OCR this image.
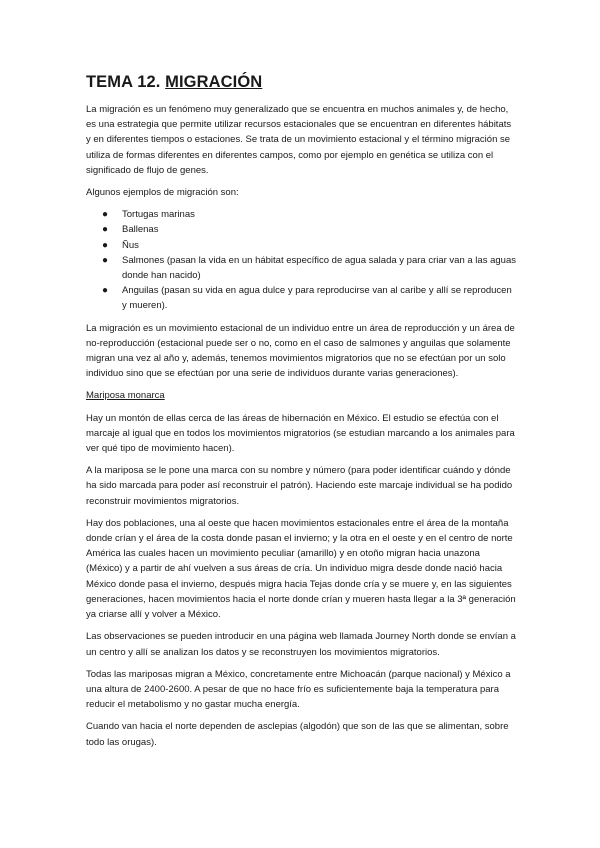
TEMA 12. MIGRACIÓN

La migración es un fenómeno muy generalizado que se encuentra en muchos animales y, de hecho, es una estrategia que permite utilizar recursos estacionales que se encuentran en diferentes hábitats y en diferentes tiempos o estaciones. Se trata de un movimiento estacional y el término migración se utiliza de formas diferentes en diferentes campos, como por ejemplo en genética se utiliza con el significado de flujo de genes.

Algunos ejemplos de migración son:

● Tortugas marinas
● Ballenas
● Ñus
● Salmones (pasan la vida en un hábitat específico de agua salada y para criar van a las aguas donde han nacido)
● Anguilas (pasan su vida en agua dulce y para reproducirse van al caribe y allí se reproducen y mueren).

La migración es un movimiento estacional de un individuo entre un área de reproducción y un área de no-reproducción (estacional puede ser o no, como en el caso de salmones y anguilas que solamente migran una vez al año y, además, tenemos movimientos migratorios que no se efectúan por un solo individuo sino que se efectúan por una serie de individuos durante varias generaciones).

Mariposa monarca

Hay un montón de ellas cerca de las áreas de hibernación en México. El estudio se efectúa con el marcaje al igual que en todos los movimientos migratorios (se estudian marcando a los animales para ver qué tipo de movimiento hacen).

A la mariposa se le pone una marca con su nombre y número (para poder identificar cuándo y dónde ha sido marcada para poder así reconstruir el patrón). Haciendo este marcaje individual se ha podido reconstruir movimientos migratorios.

Hay dos poblaciones, una al oeste que hacen movimientos estacionales entre el área de la montaña donde crían y el área de la costa donde pasan el invierno; y la otra en el oeste y en el centro de norte América las cuales hacen un movimiento peculiar (amarillo) y en otoño migran hacia unazona (México) y a partir de ahí vuelven a sus áreas de cría. Un individuo migra desde donde nació hacia México donde pasa el invierno, después migra hacia Tejas donde cría y se muere y, en las siguientes generaciones, hacen movimientos hacia el norte donde crían y mueren hasta llegar a la 3ª generación ya criarse allí y volver a México.

Las observaciones se pueden introducir en una página web llamada Journey North donde se envían a un centro y allí se analizan los datos y se reconstruyen los movimientos migratorios.

Todas las mariposas migran a México, concretamente entre Michoacán (parque nacional) y México a una altura de 2400-2600. A pesar de que no hace frío es suficientemente baja la temperatura para reducir el metabolismo y no gastar mucha energía.

Cuando van hacia el norte dependen de asclepias (algodón) que son de las que se alimentan, sobre todo las orugas).
